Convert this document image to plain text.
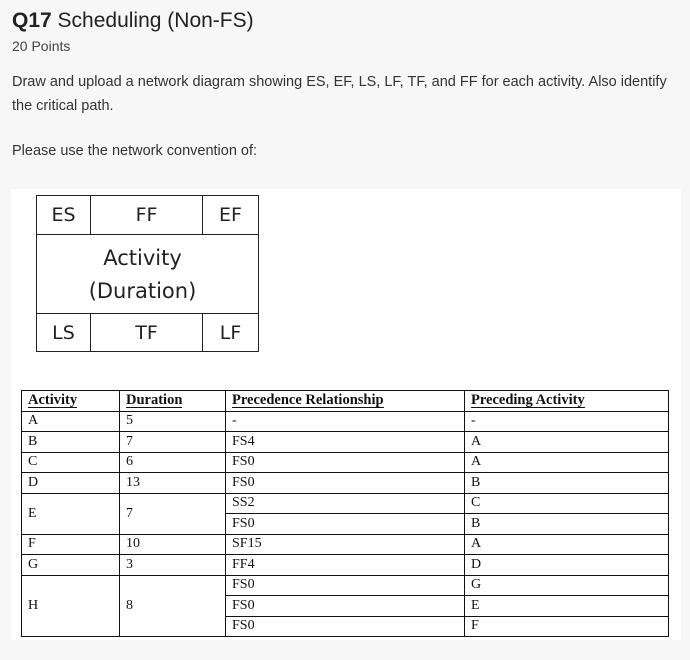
Q17 Scheduling (Non-FS)
20 Points
Draw and upload a network diagram showing ES, EF, LS, LF, TF, and FF for each activity. Also identify the critical path.
Please use the network convention of:
ES	FF	EF
Activity
(Duration)
LS	TF	LF
Activity	Duration	Precedence Relationship	Preceding Activity
A	5	-	-
B	7	FS4	A
C	6	FS0	A
D	13	FS0	B
E	7	SS2	C
		FS0	B
F	10	SF15	A
G	3	FF4	D
H	8	FS0	G
		FS0	E
		FS0	F
